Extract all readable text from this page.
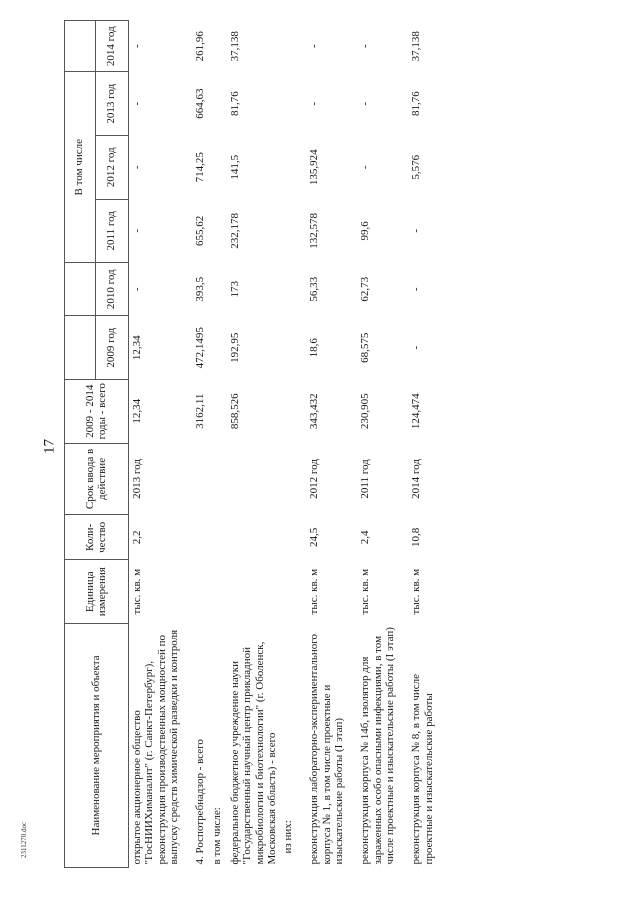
17
2311270.doc
Наименование мероприятия и объекта	Единица измерения	Коли-чество	Срок ввода в действие	2009 - 2014 годы - всего			В том числе			
					2009 год	2010 год	2011 год	2012 год	2013 год	2014 год
открытое акционерное общество "ГосНИИХиманалит" (г. Санкт-Петербург), реконструкция производственных мощностей по выпуску средств химической разведки и контроля	тыс. кв. м	2,2	2013 год	12,34	12,34	-	-	-	-	-

4. Роспотребнадзор - всего				3162,11	472,1495	393,5	655,62	714,25	664,63	261,96
в том числе:										

федеральное бюджетное учреждение науки "Государственный научный центр прикладной микробиологии и биотехнологии" (г. Оболенск, Московская область) - всего				858,526	192,95	173	232,178	141,5	81,76	37,138
из них:										

реконструкция лабораторно-экспериментального корпуса № 1, в том числе проектные и изыскательские работы (I этап)	тыс. кв. м	24,5	2012 год	343,432	18,6	56,33	132,578	135,924	-	-

реконструкция корпуса № 14б, изолятор для зараженных особо опасными инфекциями, в том числе проектные и изыскательские работы (I этап)	тыс. кв. м	2,4	2011 год	230,905	68,575	62,73	99,6	-	-	-

реконструкция корпуса № 8, в том числе проектные и изыскательские работы	тыс. кв. м	10,8	2014 год	124,474	-	-	-	5,576	81,76	37,138
